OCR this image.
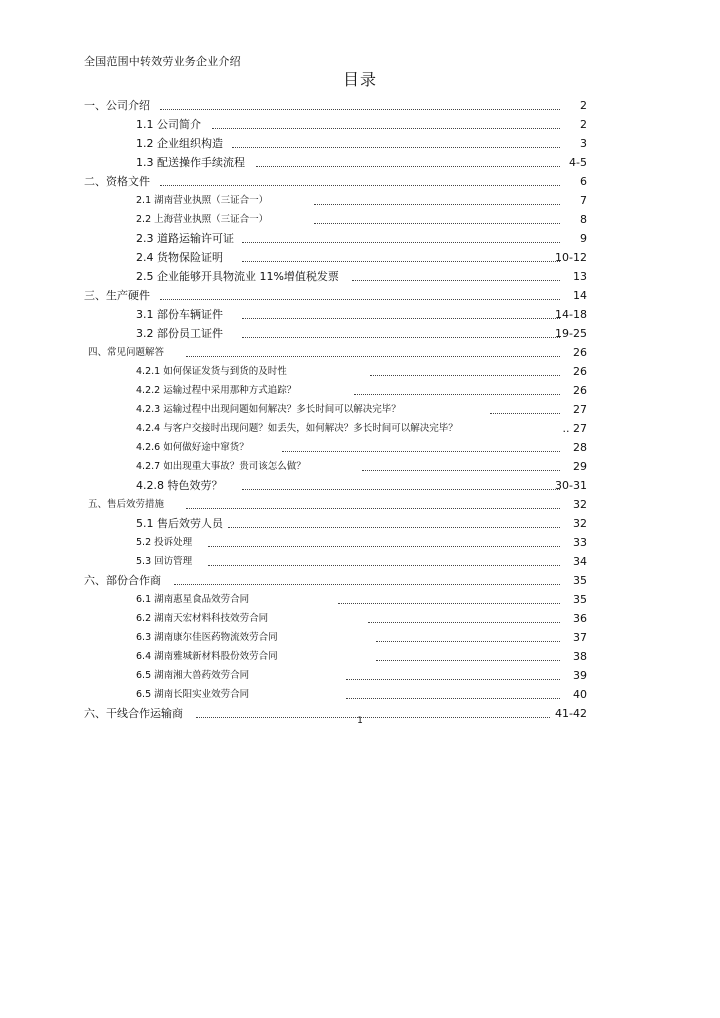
全国范围中转效劳业务企业介绍
目录
一、公司介绍	2
1.1 公司简介	2
1.2 企业组织构造	3
1.3 配送操作手续流程	4-5
二、资格文件	6
2.1 湖南营业执照（三证合一）	7
2.2 上海营业执照（三证合一）	8
2.3 道路运输许可证	9
2.4 货物保险证明	10-12
2.5 企业能够开具物流业 11%增值税发票	13
三、生产硬件	14
3.1 部份车辆证件	14-18
3.2 部份员工证件	19-25
四、常见问题解答	26
4.2.1 如何保证发货与到货的及时性	26
4.2.2 运输过程中采用那种方式追踪？	26
4.2.3 运输过程中出现问题如何解决？多长时间可以解决完毕？	27
4.2.4 与客户交接时出现问题？如丢失，如何解决？多长时间可以解决完毕？	.. 27
4.2.6 如何做好途中窜货？	28
4.2.7 如出现重大事故？贵司该怎么做？	29
4.2.8 特色效劳？	30-31
五、售后效劳措施	32
5.1 售后效劳人员	32
5.2 投诉处理	33
5.3 回访管理	34
六、部份合作商	35
6.1 湖南惠星食品效劳合同	35
6.2 湖南天宏材料科技效劳合同	36
6.3 湖南康尔佳医药物流效劳合同	37
6.4 湖南雅城新材料股份效劳合同	38
6.5 湖南湘大兽药效劳合同	39
6.5 湖南长阳实业效劳合同	40
六、干线合作运输商	41-42
1
